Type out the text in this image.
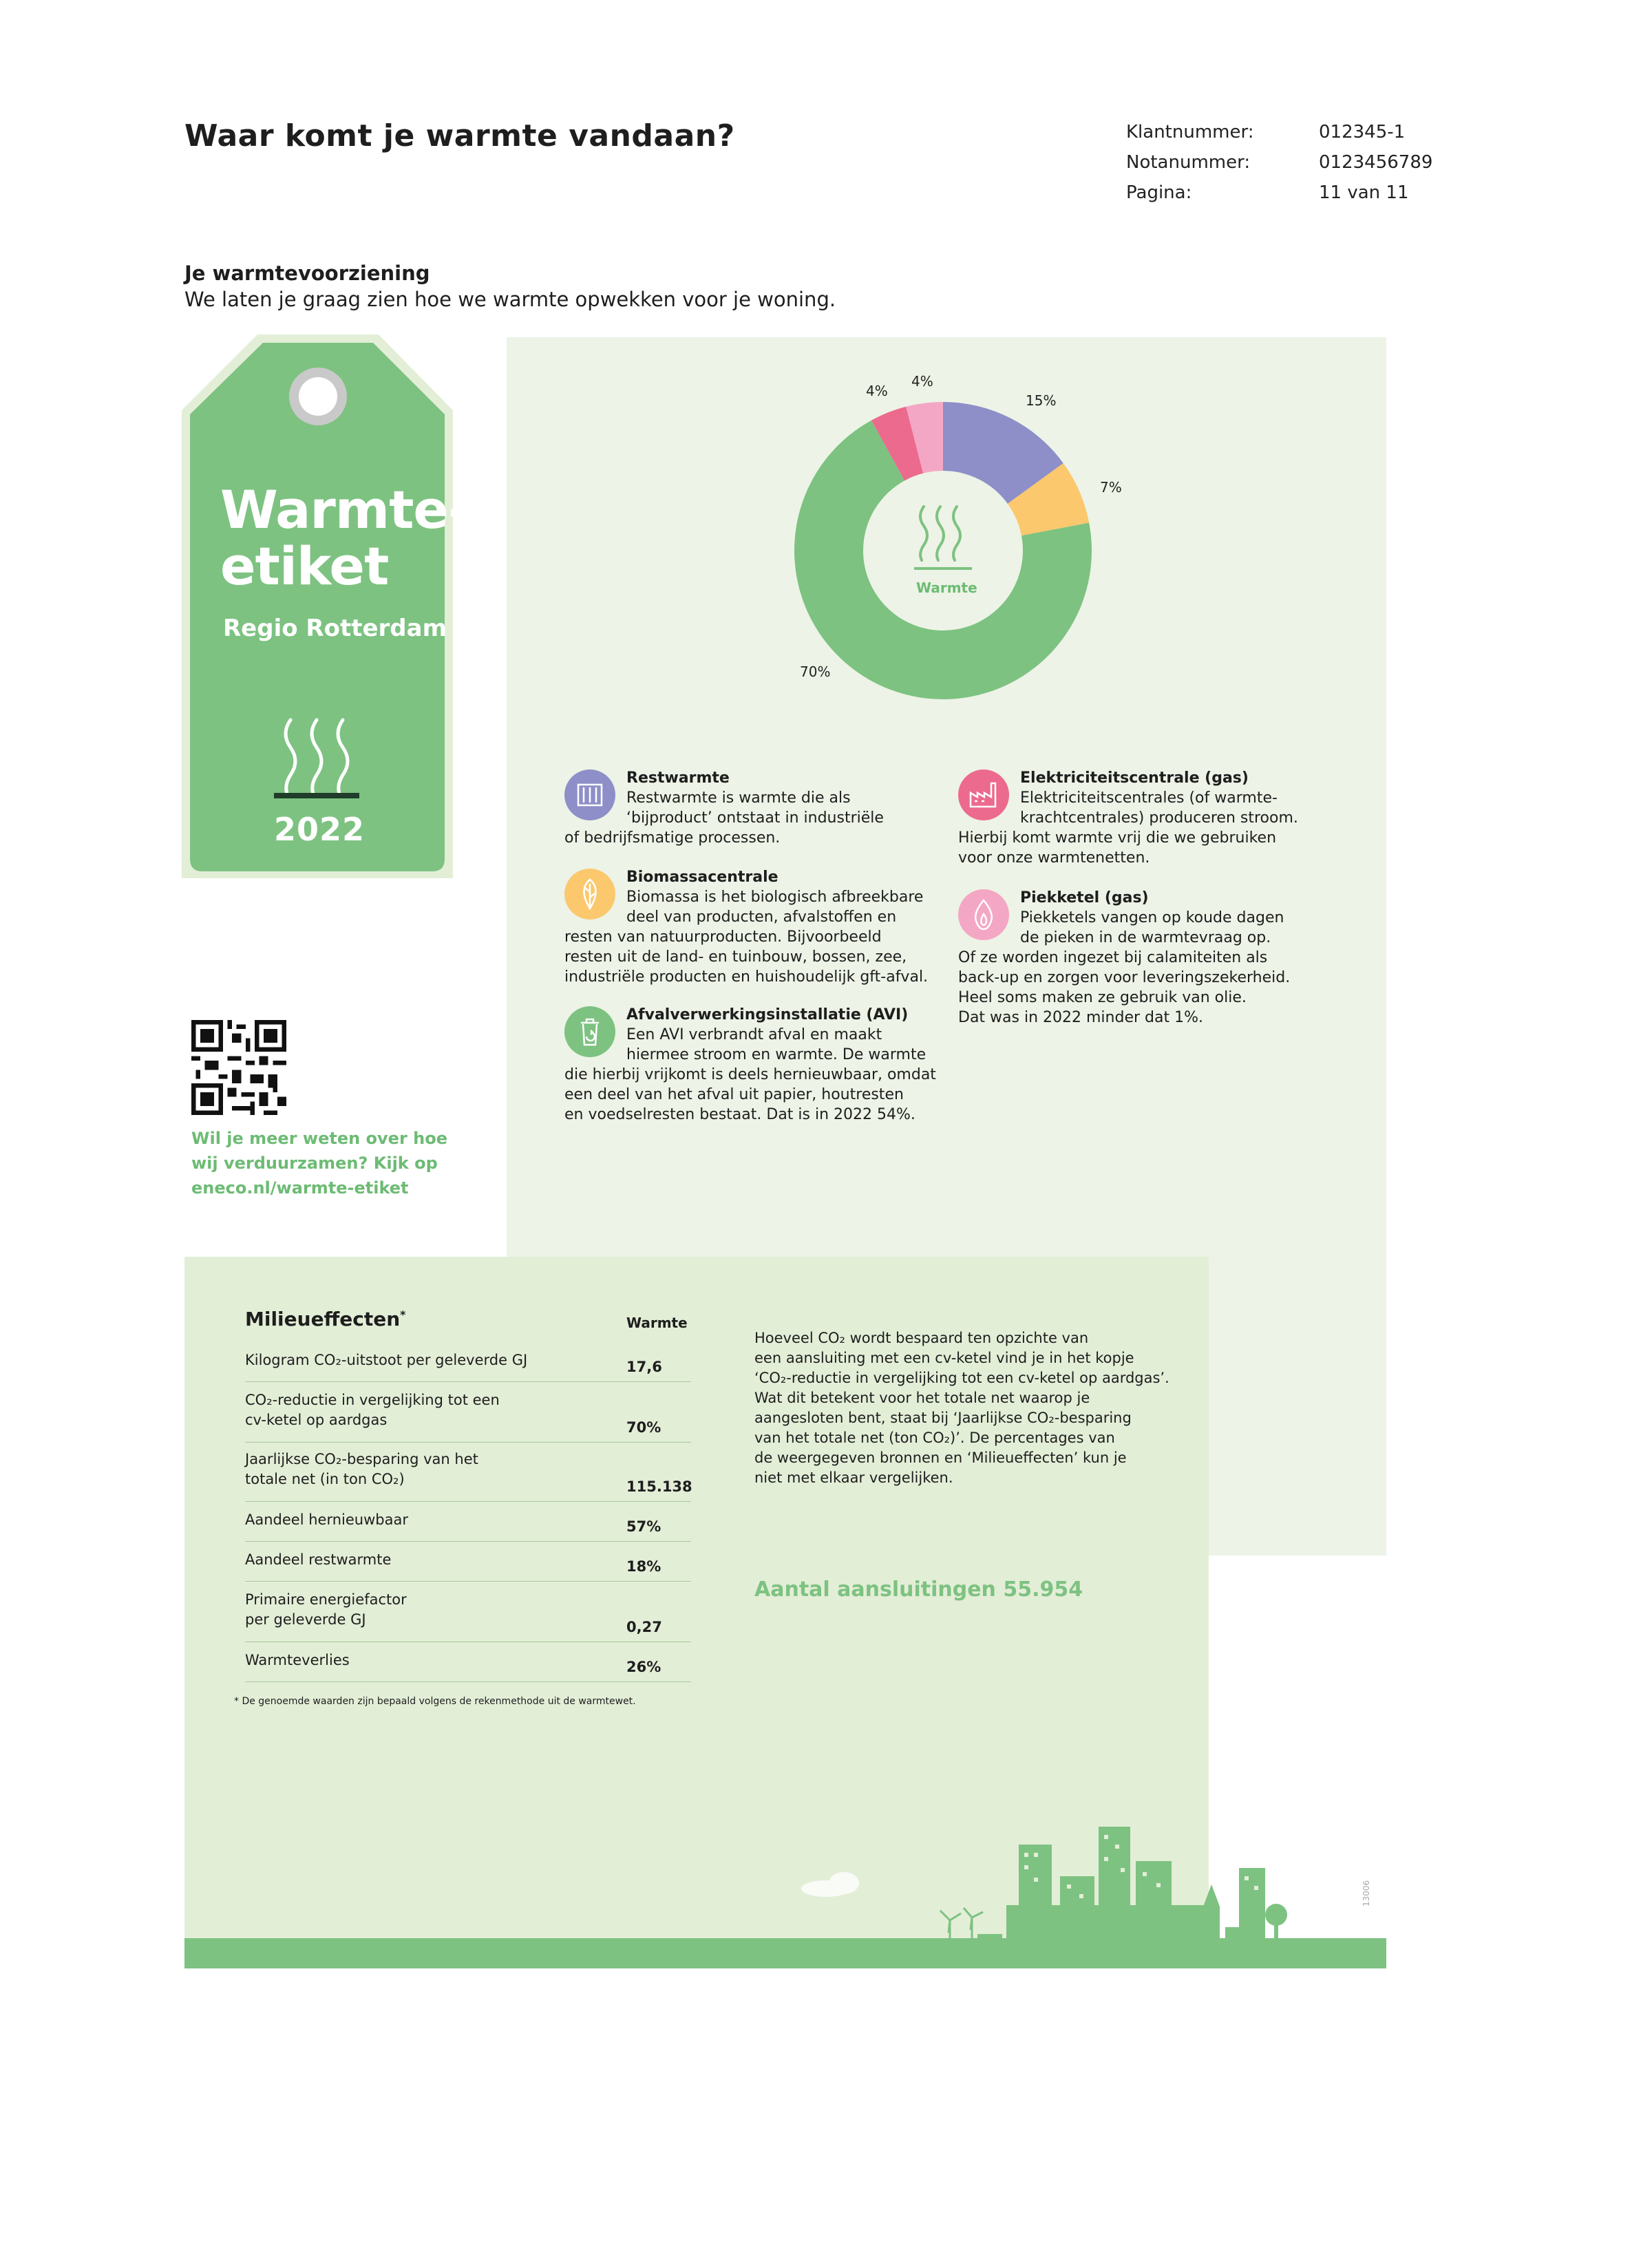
Waar komt je warmte vandaan?	Klantnummer:	012345-1
Notanummer:	0123456789
Pagina:	11 van 11
Je warmtevoorziening
We laten je graag zien hoe we warmte opwekken voor je woning.
Warmte-
etiket
Regio Rotterdam
2022
Wil je meer weten over hoe
wij verduurzamen? Kijk op
eneco.nl/warmte-etiket
15%
7%
70%
4%
4%
Warmte
Restwarmte
Restwarmte is warmte die als
‘bijproduct’ ontstaat in industriële
of bedrijfsmatige processen.
Biomassacentrale
Biomassa is het biologisch afbreekbare
deel van producten, afvalstoffen en
resten van natuurproducten. Bijvoorbeeld
resten uit de land- en tuinbouw, bossen, zee,
industriële producten en huishoudelijk gft-afval.
Afvalverwerkingsinstallatie (AVI)
Een AVI verbrandt afval en maakt
hiermee stroom en warmte. De warmte
die hierbij vrijkomt is deels hernieuwbaar, omdat
een deel van het afval uit papier, houtresten
en voedselresten bestaat. Dat is in 2022 54%.
Elektriciteitscentrale (gas)
Elektriciteitscentrales (of warmte-
krachtcentrales) produceren stroom.
Hierbij komt warmte vrij die we gebruiken
voor onze warmtenetten.
Piekketel (gas)
Piekketels vangen op koude dagen
de pieken in de warmtevraag op.
Of ze worden ingezet bij calamiteiten als
back-up en zorgen voor leveringszekerheid.
Heel soms maken ze gebruik van olie.
Dat was in 2022 minder dat 1%.
Milieueffecten*	Warmte
Kilogram CO₂-uitstoot per geleverde GJ	17,6
CO₂-reductie in vergelijking tot een
cv-ketel op aardgas	70%
Jaarlijkse CO₂-besparing van het
totale net (in ton CO₂)	115.138
Aandeel hernieuwbaar	57%
Aandeel restwarmte	18%
Primaire energiefactor
per geleverde GJ	0,27
Warmteverlies	26%
* De genoemde waarden zijn bepaald volgens de rekenmethode uit de warmtewet.
Hoeveel CO₂ wordt bespaard ten opzichte van
een aansluiting met een cv-ketel vind je in het kopje
‘CO₂-reductie in vergelijking tot een cv-ketel op aardgas’.
Wat dit betekent voor het totale net waarop je
aangesloten bent, staat bij ‘Jaarlijkse CO₂-besparing
van het totale net (ton CO₂)’. De percentages van
de weergegeven bronnen en ‘Milieueffecten’ kun je
niet met elkaar vergelijken.
Aantal aansluitingen 55.954
13006
